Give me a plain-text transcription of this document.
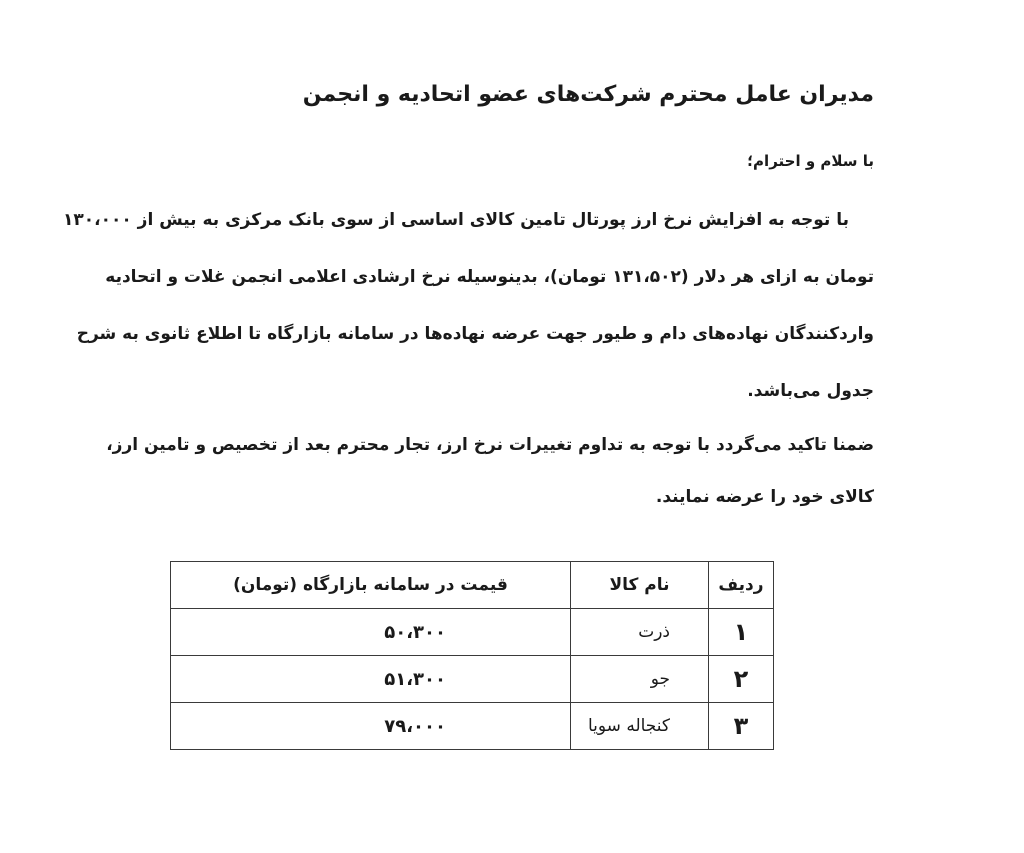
مدیران عامل محترم شرکت‌های عضو اتحادیه و انجمن
با سلام و احترام؛
با توجه به افزایش نرخ ارز پورتال تامین کالای اساسی از سوی بانک مرکزی به بیش از ۱۳۰،۰۰۰
تومان به ازای هر دلار (۱۳۱،۵۰۲ تومان)، بدینوسیله نرخ ارشادی اعلامی انجمن غلات و اتحادیه
واردکنندگان نهاده‌های دام و طیور جهت عرضه نهاده‌ها در سامانه بازارگاه تا اطلاع ثانوی به شرح
جدول می‌باشد.
ضمنا تاکید می‌گردد با توجه به تداوم تغییرات نرخ ارز، تجار محترم بعد از تخصیص و تامین ارز،
کالای خود را عرضه نمایند.
ردیف	نام کالا	قیمت در سامانه بازارگاه (تومان)
۱	ذرت	۵۰،۳۰۰
۲	جو	۵۱،۳۰۰
۳	کنجاله سویا	۷۹،۰۰۰
